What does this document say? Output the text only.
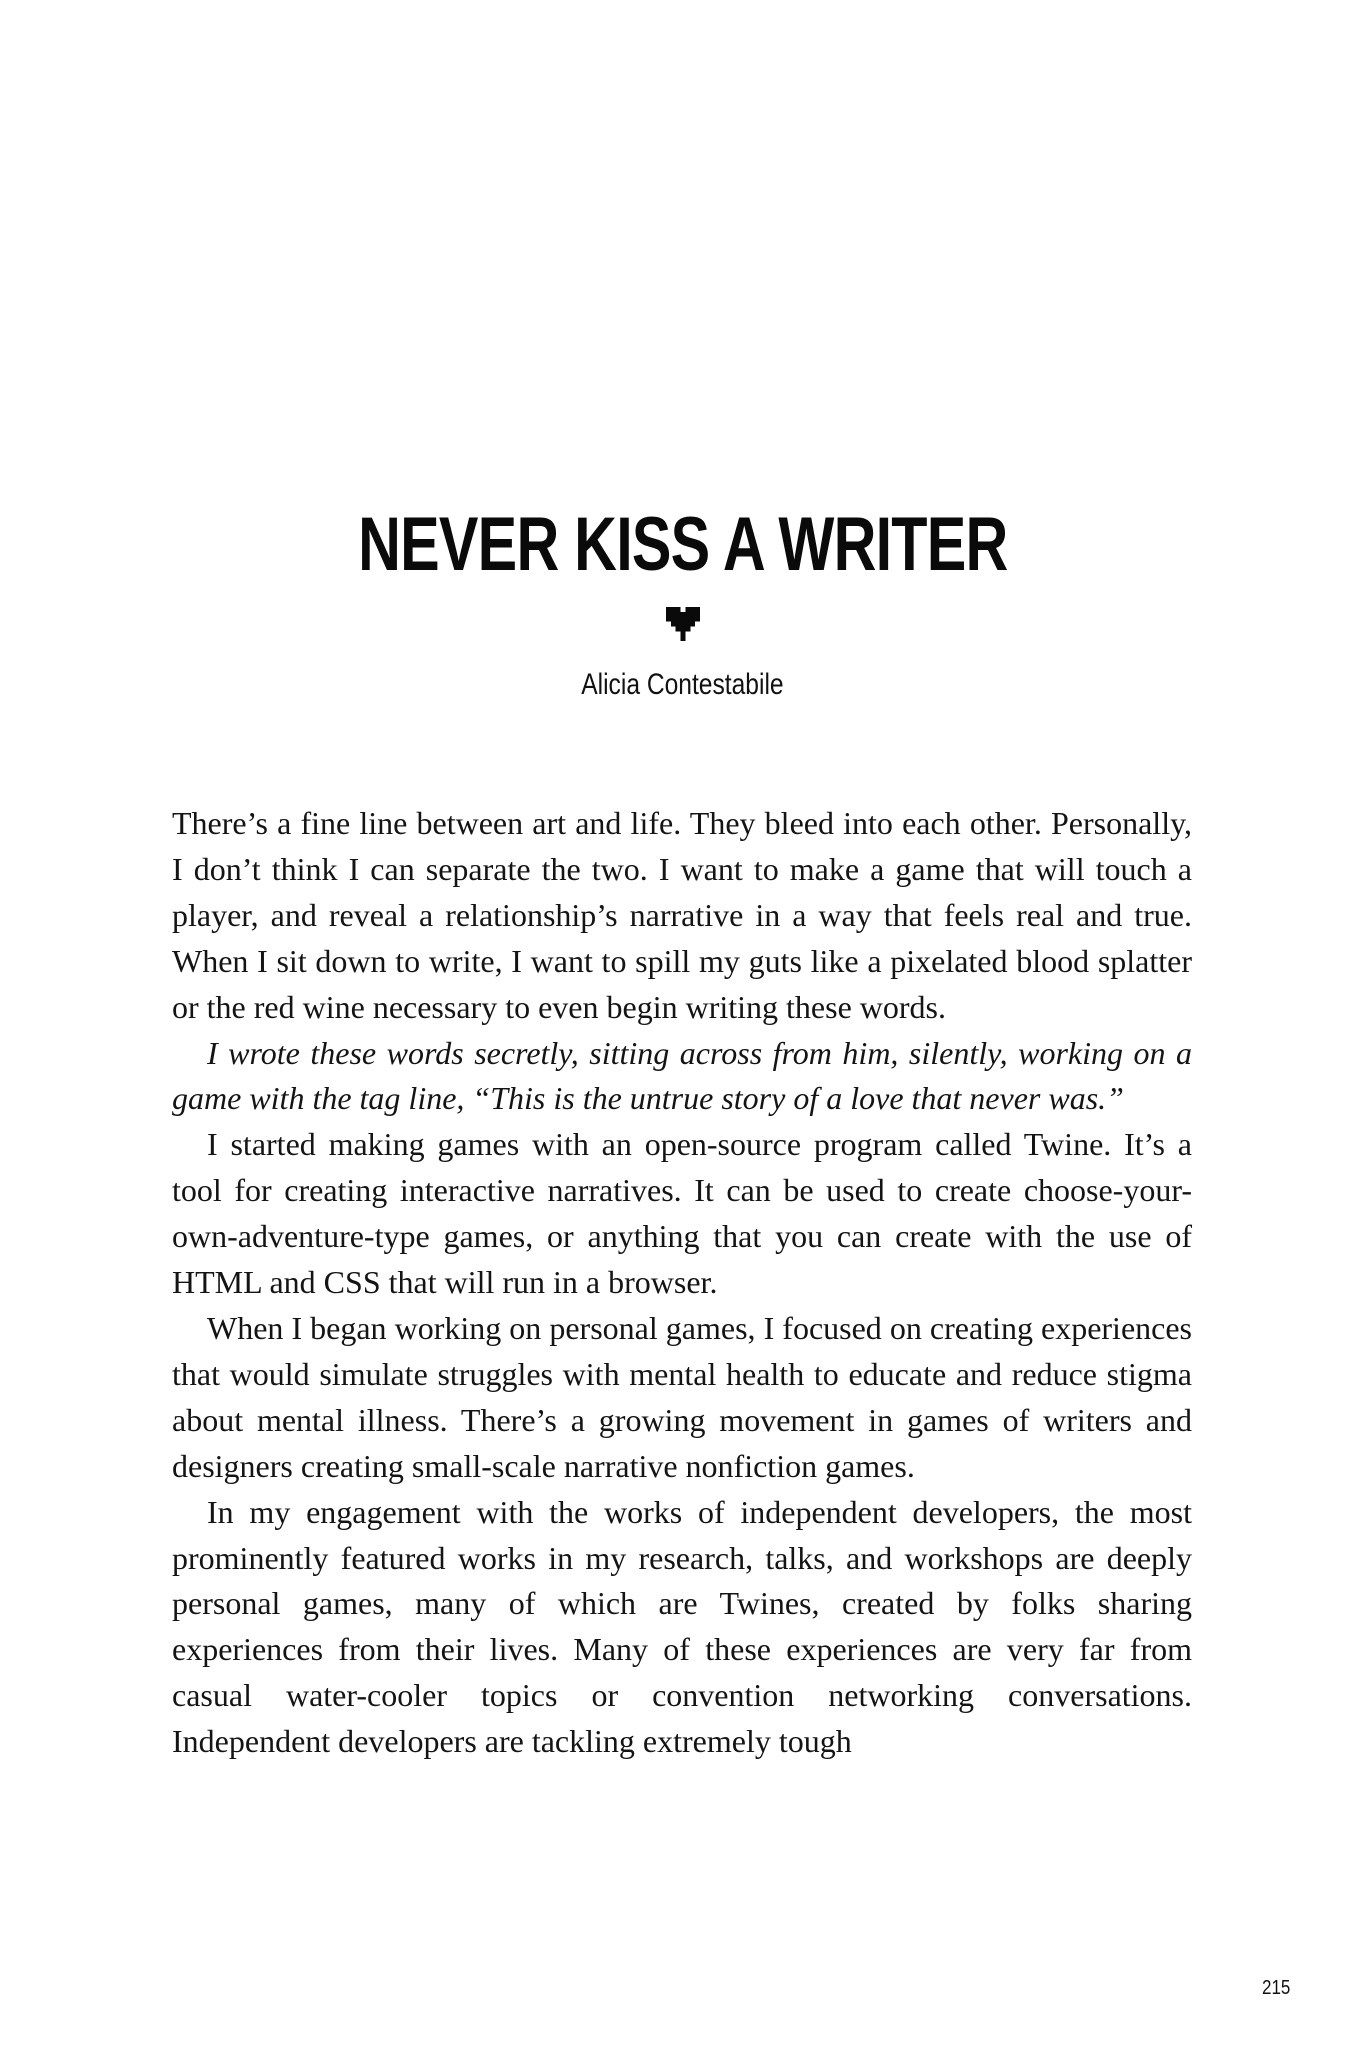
NEVER KISS A WRITER
Alicia Contestabile

There’s a fine line between art and life. They bleed into each other. Personally, I don’t think I can separate the two. I want to make a game that will touch a player, and reveal a relationship’s narrative in a way that feels real and true. When I sit down to write, I want to spill my guts like a pixelated blood splatter or the red wine necessary to even begin writing these words.

I wrote these words secretly, sitting across from him, silently, working on a game with the tag line, “This is the untrue story of a love that never was.”

I started making games with an open-source program called Twine. It’s a tool for creating interactive narratives. It can be used to create choose-your-own-adventure-type games, or anything that you can create with the use of HTML and CSS that will run in a browser.

When I began working on personal games, I focused on creating experiences that would simulate struggles with mental health to educate and reduce stigma about mental illness. There’s a growing movement in games of writers and designers creating small-scale narrative nonfiction games.

In my engagement with the works of independent developers, the most prominently featured works in my research, talks, and workshops are deeply personal games, many of which are Twines, created by folks sharing experiences from their lives. Many of these experiences are very far from casual water-cooler topics or convention networking conversations. Independent developers are tackling extremely tough

215
